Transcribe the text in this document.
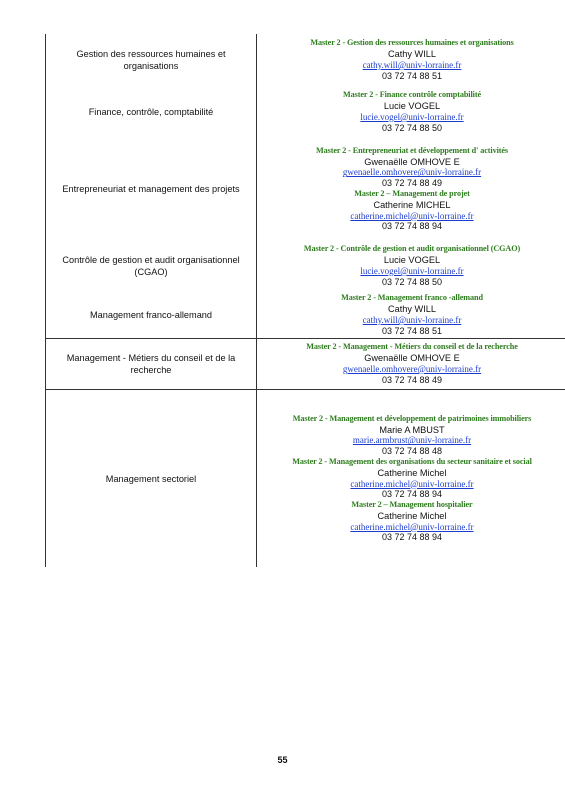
Gestion des ressources humaines et organisations
Master 2 - Gestion des ressources humaines et organisations
Cathy WILL
cathy.will@univ-lorraine.fr
03 72 74 88 51
Finance, contrôle, comptabilité
Master 2 - Finance contrôle comptabilité
Lucie VOGEL
lucie.vogel@univ-lorraine.fr
03 72 74 88 50
Entrepreneuriat et management des projets
Master 2 - Entrepreneuriat et développement d' activités
Gwenaëlle OMHOVE E
gwenaelle.omhovere@univ-lorraine.fr
03 72 74 88 49
Master 2 – Management de projet
Catherine MICHEL
catherine.michel@univ-lorraine.fr
03 72 74 88 94
Contrôle de gestion et audit organisationnel (CGAO)
Master 2 - Contrôle de gestion et audit organisationnel (CGAO)
Lucie VOGEL
lucie.vogel@univ-lorraine.fr
03 72 74 88 50
Management franco-allemand
Master 2 - Management franco -allemand
Cathy WILL
cathy.will@univ-lorraine.fr
03 72 74 88 51
Management - Métiers du conseil et de la recherche
Master 2 - Management - Métiers du conseil et de la recherche
Gwenaëlle OMHOVE E
gwenaelle.omhovere@univ-lorraine.fr
03 72 74 88 49
Management sectoriel
Master 2 - Management et développement de patrimoines immobiliers
Marie A MBUST
marie.armbrust@univ-lorraine.fr
03 72 74 88 48
Master 2 - Management des organisations du secteur sanitaire et social
Catherine Michel
catherine.michel@univ-lorraine.fr
03 72 74 88 94
Master 2 – Management hospitalier
Catherine Michel
catherine.michel@univ-lorraine.fr
03 72 74 88 94
55
